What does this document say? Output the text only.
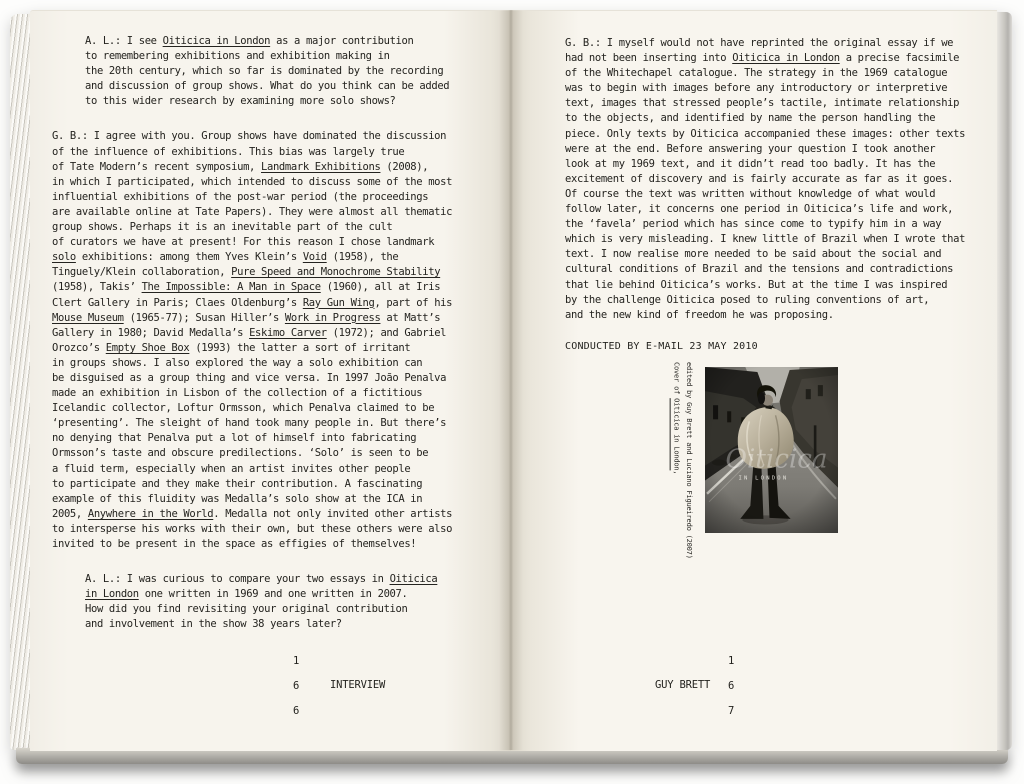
A. L.: I see Oiticica in London as a major contribution
to remembering exhibitions and exhibition making in
the 20th century, which so far is dominated by the recording
and discussion of group shows. What do you think can be added
to this wider research by examining more solo shows?
G. B.: I agree with you. Group shows have dominated the discussion
of the influence of exhibitions. This bias was largely true
of Tate Modern’s recent symposium, Landmark Exhibitions (2008),
in which I participated, which intended to discuss some of the most
influential exhibitions of the post-war period (the proceedings
are available online at Tate Papers). They were almost all thematic
group shows. Perhaps it is an inevitable part of the cult
of curators we have at present! For this reason I chose landmark
solo exhibitions: among them Yves Klein’s Void (1958), the
Tinguely/Klein collaboration, Pure Speed and Monochrome Stability
(1958), Takis’ The Impossible: A Man in Space (1960), all at Iris
Clert Gallery in Paris; Claes Oldenburg’s Ray Gun Wing, part of his
Mouse Museum (1965-77); Susan Hiller’s Work in Progress at Matt’s
Gallery in 1980; David Medalla’s Eskimo Carver (1972); and Gabriel
Orozco’s Empty Shoe Box (1993) the latter a sort of irritant
in groups shows. I also explored the way a solo exhibition can
be disguised as a group thing and vice versa. In 1997 João Penalva
made an exhibition in Lisbon of the collection of a fictitious
Icelandic collector, Loftur Ormsson, which Penalva claimed to be
‘presenting’. The sleight of hand took many people in. But there’s
no denying that Penalva put a lot of himself into fabricating
Ormsson’s taste and obscure predilections. ‘Solo’ is seen to be
a fluid term, especially when an artist invites other people
to participate and they make their contribution. A fascinating
example of this fluidity was Medalla’s solo show at the ICA in
2005, Anywhere in the World. Medalla not only invited other artists
to intersperse his works with their own, but these others were also
invited to be present in the space as effigies of themselves!
A. L.: I was curious to compare your two essays in Oiticica
in London one written in 1969 and one written in 2007.
How did you find revisiting your original contribution
and involvement in the show 38 years later?
1
6
6
INTERVIEW
G. B.: I myself would not have reprinted the original essay if we
had not been inserting into Oiticica in London a precise facsimile
of the Whitechapel catalogue. The strategy in the 1969 catalogue
was to begin with images before any introductory or interpretive
text, images that stressed people’s tactile, intimate relationship
to the objects, and identified by name the person handling the
piece. Only texts by Oiticica accompanied these images: other texts
were at the end. Before answering your question I took another
look at my 1969 text, and it didn’t read too badly. It has the
excitement of discovery and is fairly accurate as far as it goes.
Of course the text was written without knowledge of what would
follow later, it concerns one period in Oiticica’s life and work,
the ‘favela’ period which has since come to typify him in a way
which is very misleading. I knew little of Brazil when I wrote that
text. I now realise more needed to be said about the social and
cultural conditions of Brazil and the tensions and contradictions
that lie behind Oiticica’s works. But at the time I was inspired
by the challenge Oiticica posed to ruling conventions of art,
and the new kind of freedom he was proposing.
CONDUCTED BY E-MAIL 23 MAY 2010
Cover of Oiticica in London, edited by Guy Brett and Luciano Figueiredo (2007) Oiticica
IN LONDON
1
6
7
GUY BRETT
